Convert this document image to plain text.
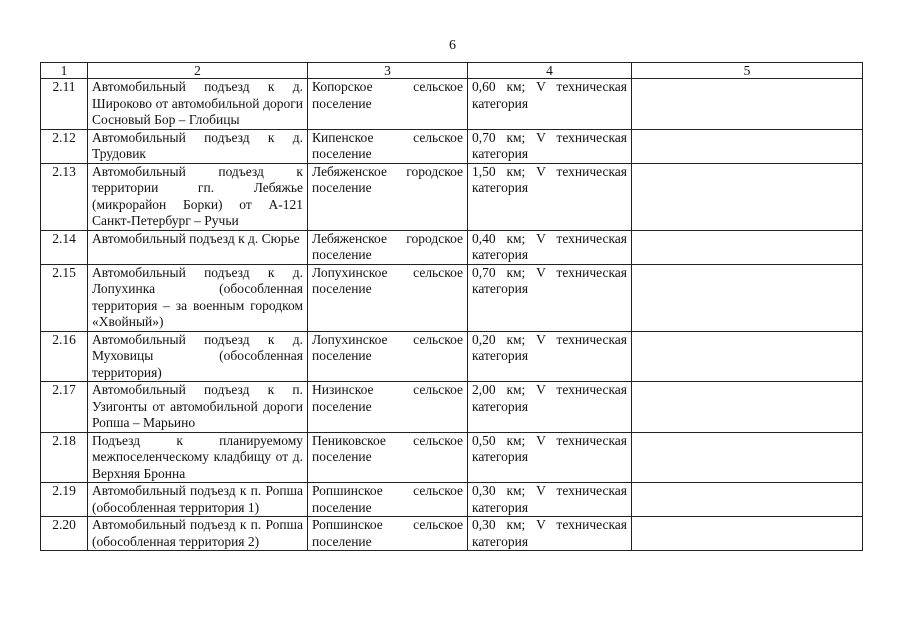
6
1	2	3	4	5
2.11	Автомобильный подъезд к д. Широково от автомобильной дороги Сосновый Бор – Глобицы	Копорское сельское поселение	0,60 км; V техническая категория	
2.12	Автомобильный подъезд к д. Трудовик	Кипенское сельское поселение	0,70 км; V техническая категория	
2.13	Автомобильный подъезд к территории гп. Лебяжье (микрорайон Борки) от А-121 Санкт-Петербург – Ручьи	Лебяженское городское поселение	1,50 км; V техническая категория	
2.14	Автомобильный подъезд к д. Сюрье	Лебяженское городское поселение	0,40 км; V техническая категория	
2.15	Автомобильный подъезд к д. Лопухинка (обособленная территория – за военным городком «Хвойный»)	Лопухинское сельское поселение	0,70 км; V техническая категория	
2.16	Автомобильный подъезд к д. Муховицы (обособленная территория)	Лопухинское сельское поселение	0,20 км; V техническая категория	
2.17	Автомобильный подъезд к п. Узигонты от автомобильной дороги Ропша – Марьино	Низинское сельское поселение	2,00 км; V техническая категория	
2.18	Подъезд к планируемому межпоселенческому кладбищу от д. Верхняя Бронна	Пениковское сельское поселение	0,50 км; V техническая категория	
2.19	Автомобильный подъезд к п. Ропша (обособленная территория 1)	Ропшинское сельское поселение	0,30 км; V техническая категория	
2.20	Автомобильный подъезд к п. Ропша (обособленная территория 2)	Ропшинское сельское поселение	0,30 км; V техническая категория	
